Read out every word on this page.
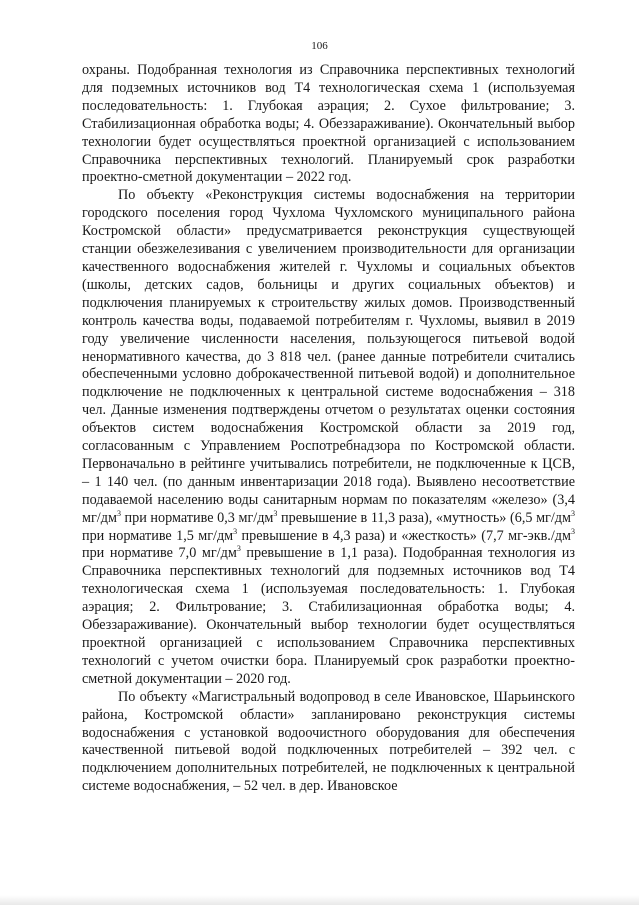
106

охраны. Подобранная технология из Справочника перспективных технологий для подземных источников вод Т4 технологическая схема 1 (используемая последовательность: 1. Глубокая аэрация; 2. Сухое фильтрование; 3. Стабилизационная обработка воды; 4. Обеззараживание). Окончательный выбор технологии будет осуществляться проектной организацией с использованием Справочника перспективных технологий. Планируемый срок разработки проектно-сметной документации – 2022 год.

По объекту «Реконструкция системы водоснабжения на территории городского поселения город Чухлома Чухломского муниципального района Костромской области» предусматривается реконструкция существующей станции обезжелезивания с увеличением производительности для организации качественного водоснабжения жителей г. Чухломы и социальных объектов (школы, детских садов, больницы и других социальных объектов) и подключения планируемых к строительству жилых домов. Производственный контроль качества воды, подаваемой потребителям г. Чухломы, выявил в 2019 году увеличение численности населения, пользующегося питьевой водой ненормативного качества, до 3 818 чел. (ранее данные потребители считались обеспеченными условно доброкачественной питьевой водой) и дополнительное подключение не подключенных к центральной системе водоснабжения – 318 чел. Данные изменения подтверждены отчетом о результатах оценки состояния объектов систем водоснабжения Костромской области за 2019 год, согласованным с Управлением Роспотребнадзора по Костромской области. Первоначально в рейтинге учитывались потребители, не подключенные к ЦСВ, – 1 140 чел. (по данным инвентаризации 2018 года). Выявлено несоответствие подаваемой населению воды санитарным нормам по показателям «железо» (3,4 $мг/дм^3$ при нормативе 0,3 $мг/дм^3$ превышение в 11,3 раза), «мутность» (6,5 $мг/дм^3$ при нормативе 1,5 $мг/дм^3$ превышение в 4,3 раза) и «жесткость» (7,7 $мг-экв./дм^3$ при нормативе 7,0 $мг/дм^3$ превышение в 1,1 раза). Подобранная технология из Справочника перспективных технологий для подземных источников вод Т4 технологическая схема 1 (используемая последовательность: 1. Глубокая аэрация; 2. Фильтрование; 3. Стабилизационная обработка воды; 4. Обеззараживание). Окончательный выбор технологии будет осуществляться проектной организацией с использованием Справочника перспективных технологий с учетом очистки бора. Планируемый срок разработки проектно-сметной документации – 2020 год.

По объекту «Магистральный водопровод в селе Ивановское, Шарьинского района, Костромской области» запланировано реконструкция системы водоснабжения с установкой водоочистного оборудования для обеспечения качественной питьевой водой подключенных потребителей – 392 чел. с подключением дополнительных потребителей, не подключенных к центральной системе водоснабжения, – 52 чел. в дер. Ивановское
